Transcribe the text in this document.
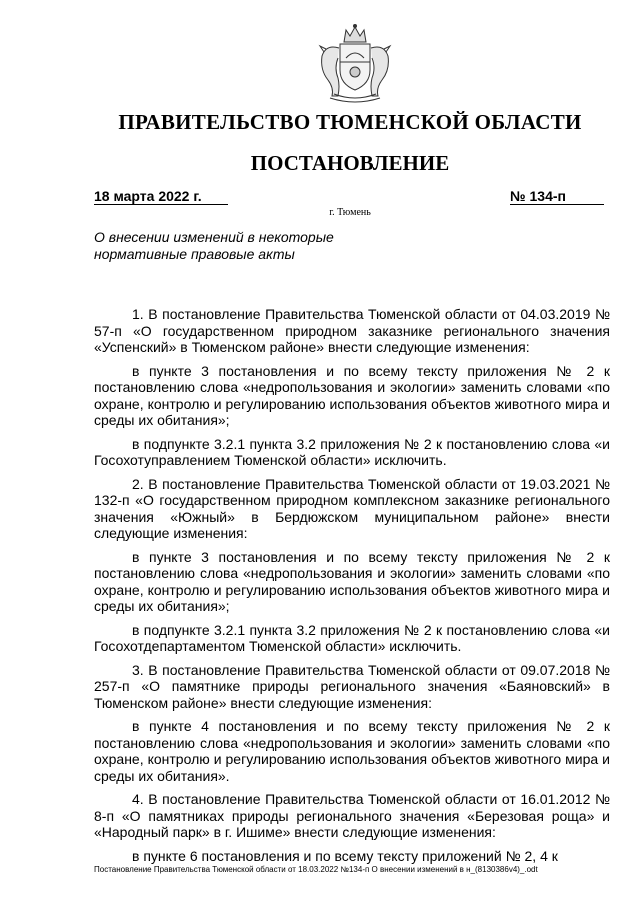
ПРАВИТЕЛЬСТВО ТЮМЕНСКОЙ ОБЛАСТИ
ПОСТАНОВЛЕНИЕ
18 марта 2022 г.	№ 134-п
г. Тюмень
О внесении изменений в некоторые
нормативные правовые акты

1. В постановление Правительства Тюменской области от 04.03.2019 № 57-п «О государственном природном заказнике регионального значения «Успенский» в Тюменском районе» внести следующие изменения:

в пункте 3 постановления и по всему тексту приложения № 2 к постановлению слова «недропользования и экологии» заменить словами «по охране, контролю и регулированию использования объектов животного мира и среды их обитания»;

в подпункте 3.2.1 пункта 3.2 приложения № 2 к постановлению слова «и Госохотуправлением Тюменской области» исключить.

2. В постановление Правительства Тюменской области от 19.03.2021 № 132-п «О государственном природном комплексном заказнике регионального значения «Южный» в Бердюжском муниципальном районе» внести следующие изменения:

в пункте 3 постановления и по всему тексту приложения № 2 к постановлению слова «недропользования и экологии» заменить словами «по охране, контролю и регулированию использования объектов животного мира и среды их обитания»;

в подпункте 3.2.1 пункта 3.2 приложения № 2 к постановлению слова «и Госохотдепартаментом Тюменской области» исключить.

3. В постановление Правительства Тюменской области от 09.07.2018 № 257-п «О памятнике природы регионального значения «Баяновский» в Тюменском районе» внести следующие изменения:

в пункте 4 постановления и по всему тексту приложения № 2 к постановлению слова «недропользования и экологии» заменить словами «по охране, контролю и регулированию использования объектов животного мира и среды их обитания».

4. В постановление Правительства Тюменской области от 16.01.2012 № 8-п «О памятниках природы регионального значения «Березовая роща» и «Народный парк» в г. Ишиме» внести следующие изменения:

в пункте 6 постановления и по всему тексту приложений № 2, 4 к

Постановление Правительства Тюменской области от 18.03.2022 №134-п О внесении изменений в н_(8130386v4)_.odt
